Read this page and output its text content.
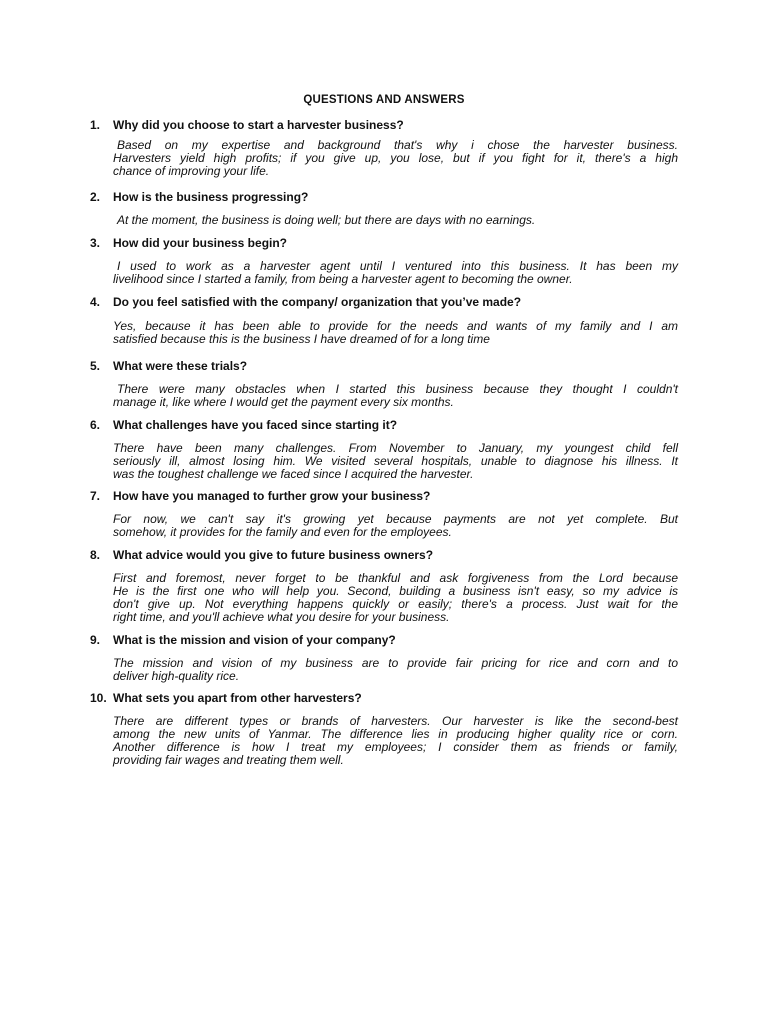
QUESTIONS AND ANSWERS
1.	Why did you choose to start a harvester business?
Based on my expertise and background that's why i chose the harvester business.
Harvesters yield high profits; if you give up, you lose, but if you fight for it, there's a high
chance of improving your life.
2.	How is the business progressing?
At the moment, the business is doing well; but there are days with no earnings.
3.	How did your business begin?
I used to work as a harvester agent until I ventured into this business. It has been my
livelihood since I started a family, from being a harvester agent to becoming the owner.
4.	Do you feel satisfied with the company/ organization that you’ve made?
Yes, because it has been able to provide for the needs and wants of my family and I am
satisfied because this is the business I have dreamed of for a long time
5.	What were these trials?
There were many obstacles when I started this business because they thought I couldn't
manage it, like where I would get the payment every six months.
6.	What challenges have you faced since starting it?
There have been many challenges. From November to January, my youngest child fell
seriously ill, almost losing him. We visited several hospitals, unable to diagnose his illness. It
was the toughest challenge we faced since I acquired the harvester.
7.	How have you managed to further grow your business?
For now, we can't say it's growing yet because payments are not yet complete. But
somehow, it provides for the family and even for the employees.
8.	What advice would you give to future business owners?
First and foremost, never forget to be thankful and ask forgiveness from the Lord because
He is the first one who will help you. Second, building a business isn't easy, so my advice is
don't give up. Not everything happens quickly or easily; there's a process. Just wait for the
right time, and you'll achieve what you desire for your business.
9.	What is the mission and vision of your company?
The mission and vision of my business are to provide fair pricing for rice and corn and to
deliver high-quality rice.
10. What sets you apart from other harvesters?
There are different types or brands of harvesters. Our harvester is like the second-best
among the new units of Yanmar. The difference lies in producing higher quality rice or corn.
Another difference is how I treat my employees; I consider them as friends or family,
providing fair wages and treating them well.
